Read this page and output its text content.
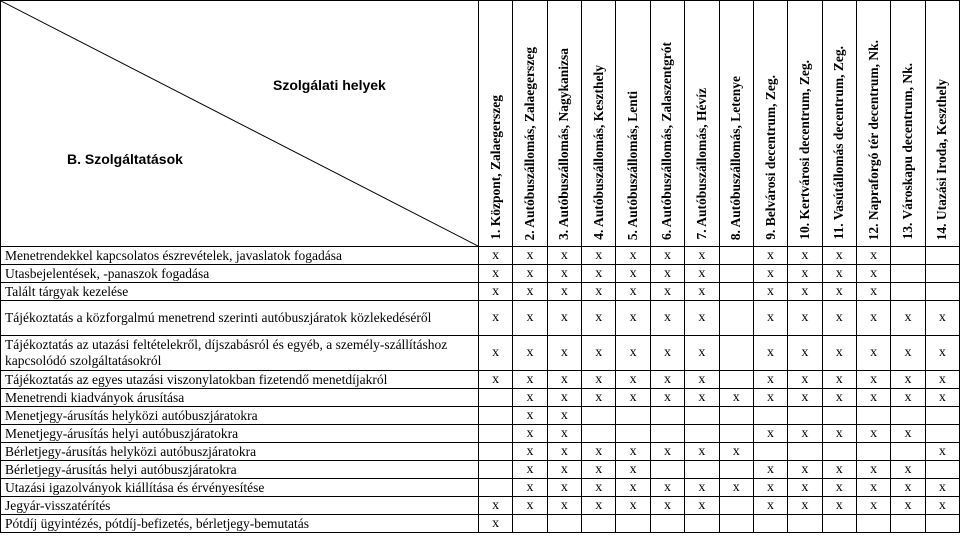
Szolgálati helyek
B. Szolgáltatások	1. Központ, Zalaegerszeg	2. Autóbuszállomás, Zalaegerszeg	3. Autóbuszállomás, Nagykanizsa	4. Autóbuszállomás, Keszthely	5. Autóbuszállomás, Lenti	6. Autóbuszállomás, Zalaszentgrót	7. Autóbuszállomás, Hévíz	8. Autóbuszállomás, Letenye	9. Belvárosi decentrum, Zeg.	10. Kertvárosi decentrum, Zeg.	11. Vasútállomás decentrum, Zeg.	12. Napraforgó tér decentrum, Nk.	13. Városkapu decentrum, Nk.	14. Utazási Iroda, Keszthely

Menetrendekkel kapcsolatos észrevételek, javaslatok fogadása	x	x	x	x	x	x	x		x	x	x	x		
Utasbejelentések, -panaszok fogadása	x	x	x	x	x	x	x		x	x	x	x		
Talált tárgyak kezelése	x	x	x	x	x	x	x		x	x	x	x		
Tájékoztatás a közforgalmú menetrend szerinti autóbuszjáratok közlekedéséről	x	x	x	x	x	x	x		x	x	x	x	x	x
Tájékoztatás az utazási feltételekről, díjszabásról és egyéb, a személy-szállításhoz kapcsolódó szolgáltatásokról	x	x	x	x	x	x	x		x	x	x	x	x	x
Tájékoztatás az egyes utazási viszonylatokban fizetendő menetdíjakról	x	x	x	x	x	x	x		x	x	x	x	x	x
Menetrendi kiadványok árusítása		x	x	x	x	x	x	x	x	x	x	x	x	x
Menetjegy-árusítás helyközi autóbuszjáratokra		x	x											
Menetjegy-árusítás helyi autóbuszjáratokra		x	x						x	x	x	x	x	
Bérletjegy-árusítás helyközi autóbuszjáratokra		x	x	x	x	x	x	x						x
Bérletjegy-árusítás helyi autóbuszjáratokra		x	x	x	x				x	x	x	x	x	
Utazási igazolványok kiállítása és érvényesítése		x	x	x	x	x	x	x	x	x	x	x	x	x
Jegyár-visszatérítés	x	x	x	x	x	x	x		x	x	x	x	x	x
Pótdíj ügyintézés, pótdíj-befizetés, bérletjegy-bemutatás	x													
